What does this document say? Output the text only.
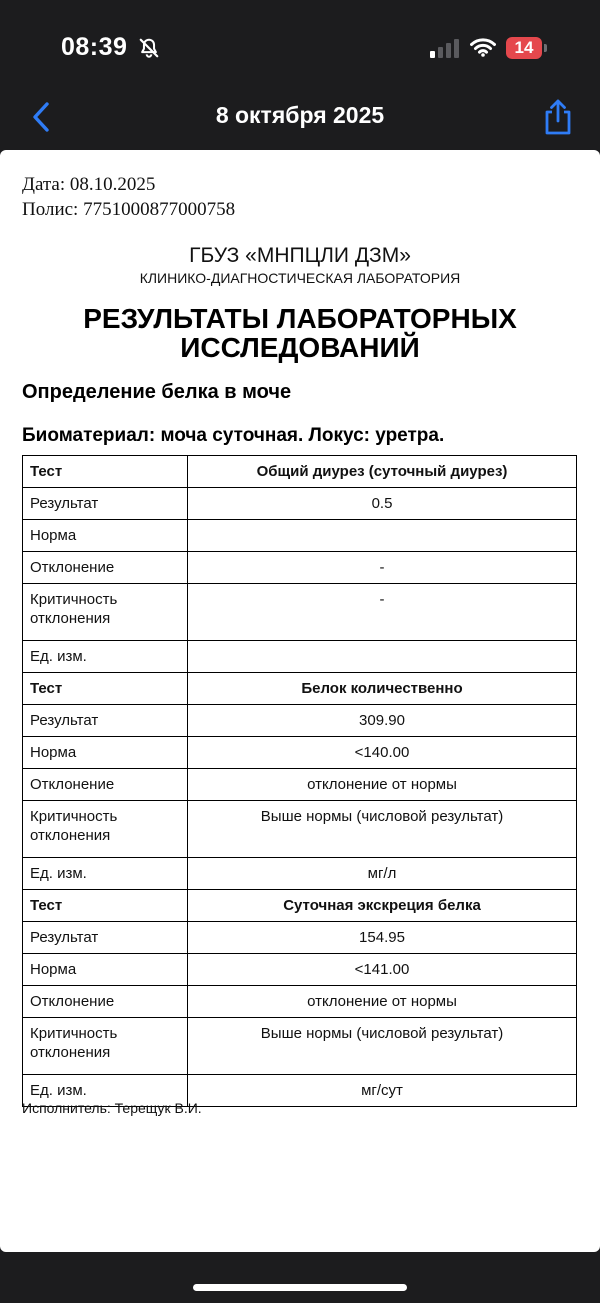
08:39	14
8 октября 2025
Дата: 08.10.2025
Полис: 7751000877000758
ГБУЗ «МНПЦЛИ ДЗМ»
КЛИНИКО-ДИАГНОСТИЧЕСКАЯ ЛАБОРАТОРИЯ
РЕЗУЛЬТАТЫ ЛАБОРАТОРНЫХ
ИССЛЕДОВАНИЙ
Определение белка в моче
Биоматериал: моча суточная. Локус: уретра.
Тест	Общий диурез (суточный диурез)
Результат	0.5
Норма	
Отклонение	-
Критичность отклонения	-
Ед. изм.	
Тест	Белок количественно
Результат	309.90
Норма	<140.00
Отклонение	отклонение от нормы
Критичность отклонения	Выше нормы (числовой результат)
Ед. изм.	мг/л
Тест	Суточная экскреция белка
Результат	154.95
Норма	<141.00
Отклонение	отклонение от нормы
Критичность отклонения	Выше нормы (числовой результат)
Ед. изм.	мг/сут
Исполнитель: Терещук В.И.
